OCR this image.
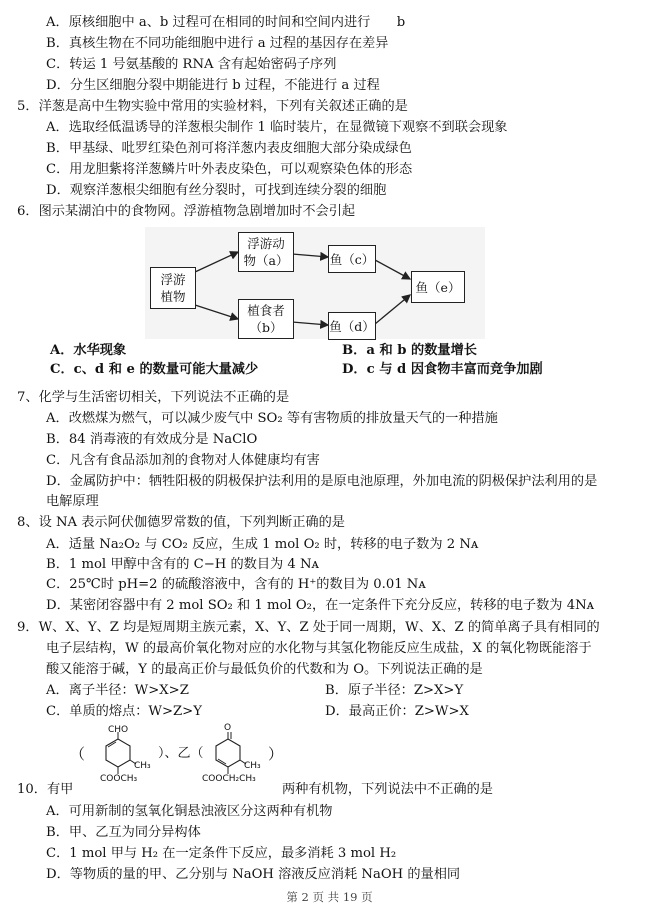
A．原核细胞中 a、b 过程可在相同的时间和空间内进行　　b
B．真核生物在不同功能细胞中进行 a 过程的基因存在差异
C．转运 1 号氨基酸的 RNA 含有起始密码子序列
D．分生区细胞分裂中期能进行 b 过程，不能进行 a 过程
5．洋葱是高中生物实验中常用的实验材料，下列有关叙述正确的是
A．选取经低温诱导的洋葱根尖制作 1 临时装片，在显微镜下观察不到联会现象
B．甲基绿、吡罗红染色剂可将洋葱内表皮细胞大部分染成绿色
C．用龙胆紫将洋葱鳞片叶外表皮染色，可以观察染色体的形态
D．观察洋葱根尖细胞有丝分裂时，可找到连续分裂的细胞
6．图示某湖泊中的食物网。浮游植物急剧增加时不会引起
7、化学与生活密切相关，下列说法不正确的是
A．改燃煤为燃气，可以减少废气中 SO₂ 等有害物质的排放量天气的一种措施
B．84 消毒液的有效成分是 NaClO
C．凡含有食品添加剂的食物对人体健康均有害
D．金属防护中：牺牲阳极的阴极保护法利用的是原电池原理，外加电流的阴极保护法利用的是
电解原理
8、设 NA 表示阿伏伽德罗常数的值，下列判断正确的是
A．适量 Na₂O₂ 与 CO₂ 反应，生成 1 mol O₂ 时，转移的电子数为 2 Nᴀ
B．1 mol 甲醇中含有的 C−H 的数目为 4 Nᴀ
C．25℃时 pH=2 的硫酸溶液中，含有的 H⁺的数目为 0.01 Nᴀ
D．某密闭容器中有 2 mol SO₂ 和 1 mol O₂，在一定条件下充分反应，转移的电子数为 4Nᴀ
9．W、X、Y、Z 均是短周期主族元素，X、Y、Z 处于同一周期，W、X、Z 的简单离子具有相同的
电子层结构，W 的最高价氧化物对应的水化物与其氢化物能反应生成盐，X 的氧化物既能溶于
酸又能溶于碱，Y 的最高正价与最低负价的代数和为 O。下列说法正确的是
A．离子半径：W>X>Z	B．原子半径：Z>X>Y
C．单质的熔点：W>Z>Y	D．最高正价：Z>W>X
10．有甲	两种有机物，下列说法中不正确的是
A．可用新制的氢氧化铜悬浊液区分这两种有机物
B．甲、乙互为同分异构体
C．1 mol 甲与 H₂ 在一定条件下反应，最多消耗 3 mol H₂
D．等物质的量的甲、乙分别与 NaOH 溶液反应消耗 NaOH 的量相同
浮游
植物
浮游动
物（a）
植食者
（b）
鱼（c）
鱼（d）
鱼（e）
A．水华现象	B．a 和 b 的数量增长
C．c、d 和 e 的数量可能大量减少	D．c 与 d 因食物丰富而竞争加剧
（
CHO
CH₃
COOCH₃
）、乙（
O
CH₃
COOCH₂CH₃
）
第 2 页 共 19 页
